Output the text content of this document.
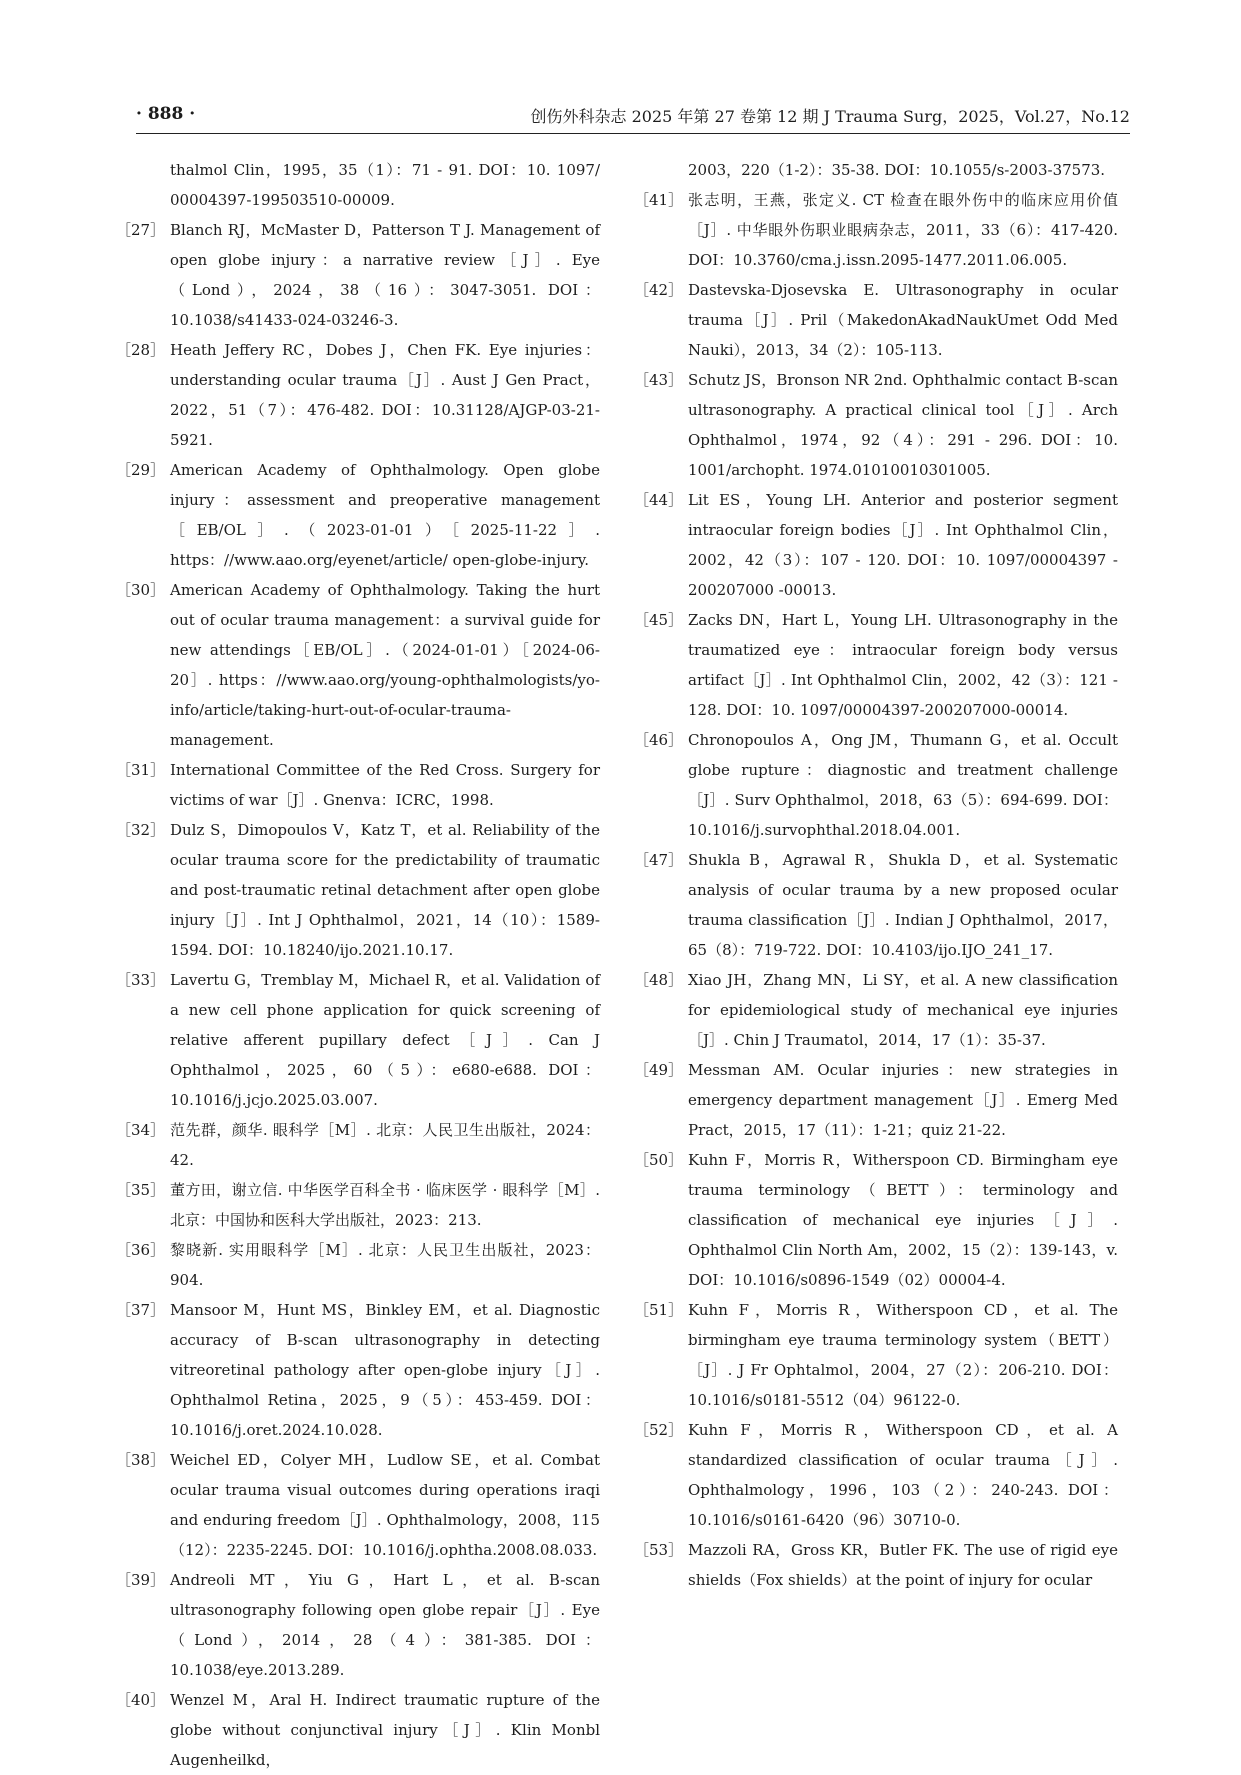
· 888 ·	创伤外科杂志 2025 年第 27 卷第 12 期 J Trauma Surg，2025，Vol.27，No.12
thalmol Clin，1995，35（1）：71 - 91. DOI：10. 1097/ 00004397-199503510-00009.
［27］ Blanch RJ，McMaster D，Patterson T J. Management of open globe injury：a narrative review［J］. Eye（Lond），2024，38（16）：3047-3051. DOI：10.1038/s41433-024-03246-3.
［28］ Heath Jeffery RC，Dobes J，Chen FK. Eye injuries：understanding ocular trauma［J］. Aust J Gen Pract，2022，51（7）：476-482. DOI：10.31128/AJGP-03-21-5921.
［29］ American Academy of Ophthalmology. Open globe injury：assessment and preoperative management［EB/OL］.（2023-01-01）［2025-11-22］. https：//www.aao.org/eyenet/article/ open-globe-injury.
［30］ American Academy of Ophthalmology. Taking the hurt out of ocular trauma management：a survival guide for new attendings［EB/OL］.（2024-01-01）［2024-06-20］. https：//www.aao.org/young-ophthalmologists/yo-info/article/taking-hurt-out-of-ocular-trauma-management.
［31］ International Committee of the Red Cross. Surgery for victims of war［J］. Gnenva：ICRC，1998.
［32］ Dulz S，Dimopoulos V，Katz T，et al. Reliability of the ocular trauma score for the predictability of traumatic and post-traumatic retinal detachment after open globe injury［J］. Int J Ophthalmol，2021，14（10）：1589-1594. DOI：10.18240/ijo.2021.10.17.
［33］ Lavertu G，Tremblay M，Michael R，et al. Validation of a new cell phone application for quick screening of relative afferent pupillary defect［J］. Can J Ophthalmol，2025，60（5）：e680-e688. DOI：10.1016/j.jcjo.2025.03.007.
［34］ 范先群，颜华. 眼科学［M］. 北京：人民卫生出版社，2024：42.
［35］ 董方田，谢立信. 中华医学百科全书 · 临床医学 · 眼科学［M］. 北京：中国协和医科大学出版社，2023：213.
［36］ 黎晓新. 实用眼科学［M］. 北京：人民卫生出版社，2023：904.
［37］ Mansoor M，Hunt MS，Binkley EM，et al. Diagnostic accuracy of B-scan ultrasonography in detecting vitreoretinal pathology after open-globe injury［J］. Ophthalmol Retina，2025，9（5）：453-459. DOI：10.1016/j.oret.2024.10.028.
［38］ Weichel ED，Colyer MH，Ludlow SE，et al. Combat ocular trauma visual outcomes during operations iraqi and enduring freedom［J］. Ophthalmology，2008，115（12）：2235-2245. DOI：10.1016/j.ophtha.2008.08.033.
［39］ Andreoli MT，Yiu G，Hart L，et al. B-scan ultrasonography following open globe repair［J］. Eye（Lond），2014，28（4）：381-385. DOI：10.1038/eye.2013.289.
［40］ Wenzel M，Aral H. Indirect traumatic rupture of the globe without conjunctival injury［J］. Klin Monbl Augenheilkd，
2003，220（1-2）：35-38. DOI：10.1055/s-2003-37573.
［41］ 张志明，王燕，张定义. CT 检查在眼外伤中的临床应用价值［J］. 中华眼外伤职业眼病杂志，2011，33（6）：417-420. DOI：10.3760/cma.j.issn.2095-1477.2011.06.005.
［42］ Dastevska-Djosevska E. Ultrasonography in ocular trauma［J］. Pril（MakedonAkadNaukUmet Odd Med Nauki），2013，34（2）：105-113.
［43］ Schutz JS，Bronson NR 2nd. Ophthalmic contact B-scan ultrasonography. A practical clinical tool［J］. Arch Ophthalmol，1974，92（4）：291 - 296. DOI：10. 1001/archopht. 1974.01010010301005.
［44］ Lit ES，Young LH. Anterior and posterior segment intraocular foreign bodies［J］. Int Ophthalmol Clin，2002，42（3）：107 - 120. DOI：10. 1097/00004397 - 200207000 -00013.
［45］ Zacks DN，Hart L，Young LH. Ultrasonography in the traumatized eye：intraocular foreign body versus artifact［J］. Int Ophthalmol Clin，2002，42（3）：121 - 128. DOI：10. 1097/00004397-200207000-00014.
［46］ Chronopoulos A，Ong JM，Thumann G，et al. Occult globe rupture：diagnostic and treatment challenge［J］. Surv Ophthalmol，2018，63（5）：694-699. DOI：10.1016/j.survophthal.2018.04.001.
［47］ Shukla B，Agrawal R，Shukla D，et al. Systematic analysis of ocular trauma by a new proposed ocular trauma classification［J］. Indian J Ophthalmol，2017，65（8）：719-722. DOI：10.4103/ijo.IJO_241_17.
［48］ Xiao JH，Zhang MN，Li SY，et al. A new classification for epidemiological study of mechanical eye injuries［J］. Chin J Traumatol，2014，17（1）：35-37.
［49］ Messman AM. Ocular injuries：new strategies in emergency department management［J］. Emerg Med Pract，2015，17（11）：1-21；quiz 21-22.
［50］ Kuhn F，Morris R，Witherspoon CD. Birmingham eye trauma terminology（BETT）：terminology and classification of mechanical eye injuries［J］. Ophthalmol Clin North Am，2002，15（2）：139-143，v. DOI：10.1016/s0896-1549（02）00004-4.
［51］ Kuhn F，Morris R，Witherspoon CD，et al. The birmingham eye trauma terminology system（BETT）［J］. J Fr Ophtalmol，2004，27（2）：206-210. DOI：10.1016/s0181-5512（04）96122-0.
［52］ Kuhn F，Morris R，Witherspoon CD，et al. A standardized classification of ocular trauma［J］. Ophthalmology，1996，103（2）：240-243. DOI：10.1016/s0161-6420（96）30710-0.
［53］ Mazzoli RA，Gross KR，Butler FK. The use of rigid eye shields（Fox shields）at the point of injury for ocular
